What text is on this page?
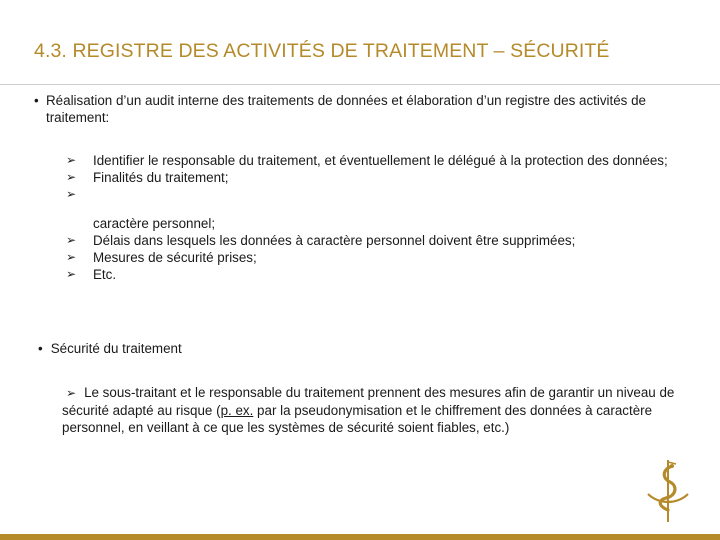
4.3. REGISTRE DES ACTIVITÉS DE TRAITEMENT – SÉCURITÉ
• Réalisation d’un audit interne des traitements de données et élaboration d’un registre des activités de traitement:
➢ Identifier le responsable du traitement, et éventuellement le délégué à la protection des données;
➢ Finalités du traitement;
➢
caractère personnel;
➢ Délais dans lesquels les données à caractère personnel doivent être supprimées;
➢ Mesures de sécurité prises;
➢ Etc.
• Sécurité du traitement
➢ Le sous-traitant et le responsable du traitement prennent des mesures afin de garantir un niveau de sécurité adapté au risque (p. ex. par la pseudonymisation et le chiffrement des données à caractère personnel, en veillant à ce que les systèmes de sécurité soient fiables, etc.)
